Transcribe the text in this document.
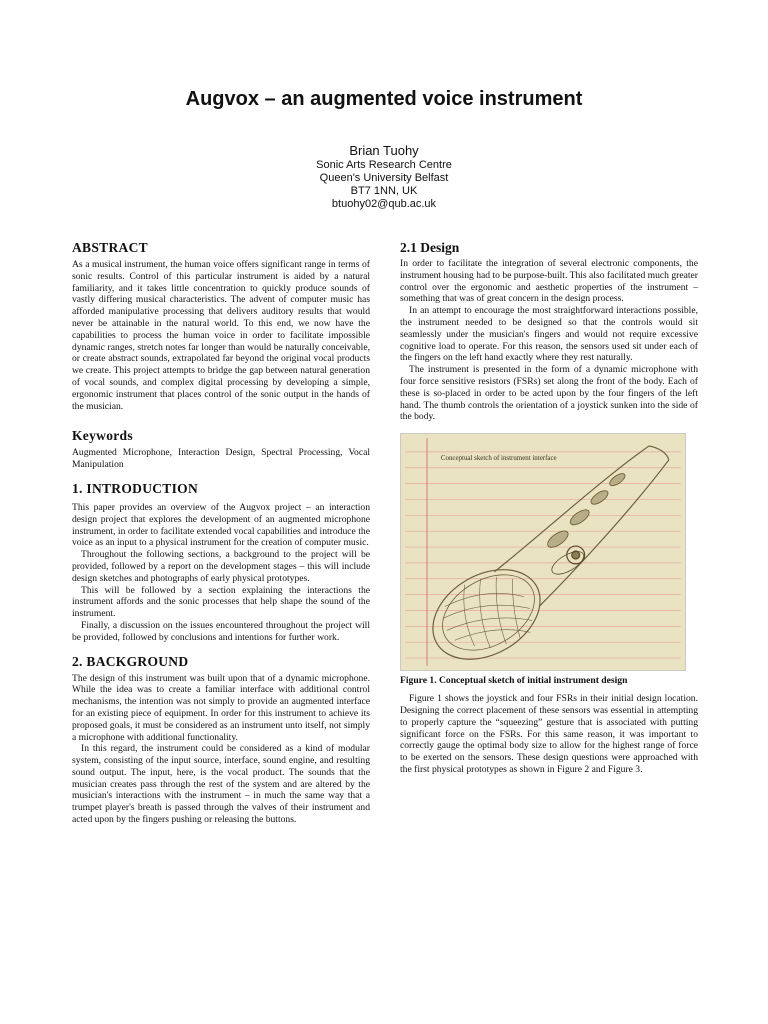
Augvox – an augmented voice instrument
Brian Tuohy
Sonic Arts Research Centre
Queen's University Belfast
BT7 1NN, UK
btuohy02@qub.ac.uk
ABSTRACT

As a musical instrument, the human voice offers significant range in terms of sonic results. Control of this particular instrument is aided by a natural familiarity, and it takes little concentration to quickly produce sounds of vastly differing musical characteristics. The advent of computer music has afforded manipulative processing that delivers auditory results that would never be attainable in the natural world. To this end, we now have the capabilities to process the human voice in order to facilitate impossible dynamic ranges, stretch notes far longer than would be naturally conceivable, or create abstract sounds, extrapolated far beyond the original vocal products we create. This project attempts to bridge the gap between natural generation of vocal sounds, and complex digital processing by developing a simple, ergonomic instrument that places control of the sonic output in the hands of the musician.

Keywords

Augmented Microphone, Interaction Design, Spectral Processing, Vocal Manipulation

1. INTRODUCTION

This paper provides an overview of the Augvox project – an interaction design project that explores the development of an augmented microphone instrument, in order to facilitate extended vocal capabilities and introduce the voice as an input to a physical instrument for the creation of computer music.

Throughout the following sections, a background to the project will be provided, followed by a report on the development stages – this will include design sketches and photographs of early physical prototypes.

This will be followed by a section explaining the interactions the instrument affords and the sonic processes that help shape the sound of the instrument.

Finally, a discussion on the issues encountered throughout the project will be provided, followed by conclusions and intentions for further work.

2. BACKGROUND

The design of this instrument was built upon that of a dynamic microphone. While the idea was to create a familiar interface with additional control mechanisms, the intention was not simply to provide an augmented interface for an existing piece of equipment. In order for this instrument to achieve its proposed goals, it must be considered as an instrument unto itself, not simply a microphone with additional functionality.

In this regard, the instrument could be considered as a kind of modular system, consisting of the input source, interface, sound engine, and resulting sound output. The input, here, is the vocal product. The sounds that the musician creates pass through the rest of the system and are altered by the musician's interactions with the instrument – in much the same way that a trumpet player's breath is passed through the valves of their instrument and acted upon by the fingers pushing or releasing the buttons.

2.1 Design

In order to facilitate the integration of several electronic components, the instrument housing had to be purpose-built. This also facilitated much greater control over the ergonomic and aesthetic properties of the instrument – something that was of great concern in the design process.

In an attempt to encourage the most straightforward interactions possible, the instrument needed to be designed so that the controls would sit seamlessly under the musician's fingers and would not require excessive cognitive load to operate. For this reason, the sensors used sit under each of the fingers on the left hand exactly where they rest naturally.

The instrument is presented in the form of a dynamic microphone with four force sensitive resistors (FSRs) set along the front of the body. Each of these is so-placed in order to be acted upon by the four fingers of the left hand. The thumb controls the orientation of a joystick sunken into the side of the body.

Conceptual sketch of instrument interface
Figure 1. Conceptual sketch of initial instrument design

Figure 1 shows the joystick and four FSRs in their initial design location. Designing the correct placement of these sensors was essential in attempting to properly capture the “squeezing” gesture that is associated with putting significant force on the FSRs. For this same reason, it was important to correctly gauge the optimal body size to allow for the highest range of force to be exerted on the sensors. These design questions were approached with the first physical prototypes as shown in Figure 2 and Figure 3.
